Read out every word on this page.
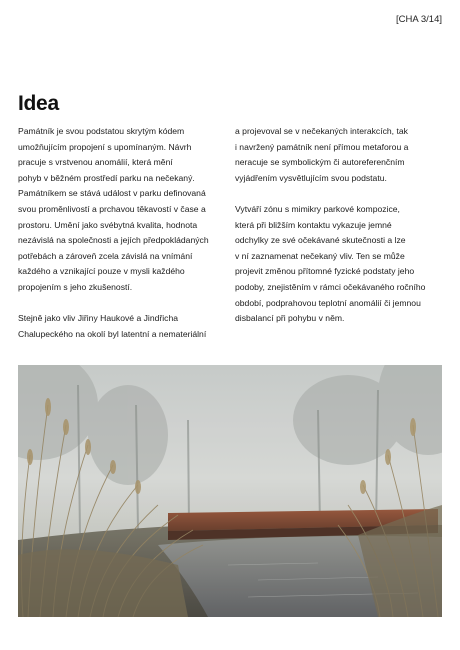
[CHA 3/14]
Idea

Památník je svou podstatou skrytým kódem
umožňujícím propojení s upomínaným. Návrh
pracuje s vrstvenou anomálií, která mění
pohyb v běžném prostředí parku na nečekaný.
Památníkem se stává událost v parku definovaná
svou proměnlivostí a prchavou těkavostí v čase a
prostoru. Umění jako svébytná kvalita, hodnota
nezávislá na společnosti a jejích předpokládaných
potřebách a zároveň zcela závislá na vnímání
každého a vznikající pouze v mysli každého
propojením s jeho zkušeností.

Stejně jako vliv Jiřiny Haukové a Jindřicha
Chalupeckého na okolí byl latentní a nemateriální

a projevoval se v nečekaných interakcích, tak
i navržený památník není přímou metaforou a
neracuje se symbolickým či autoreferenčním
vyjádřením vysvětlujícím svou podstatu.

Vytváří zónu s mimikry parkové kompozice,
která při bližším kontaktu vykazuje jemné
odchylky ze své očekávané skutečnosti a lze
v ní zaznamenat nečekaný vliv. Ten se může
projevit změnou přítomné fyzické podstaty jeho
podoby, znejistěním v rámci očekávaného ročního
období, podprahovou teplotní anomálií či jemnou
disbalancí při pohybu v něm.
